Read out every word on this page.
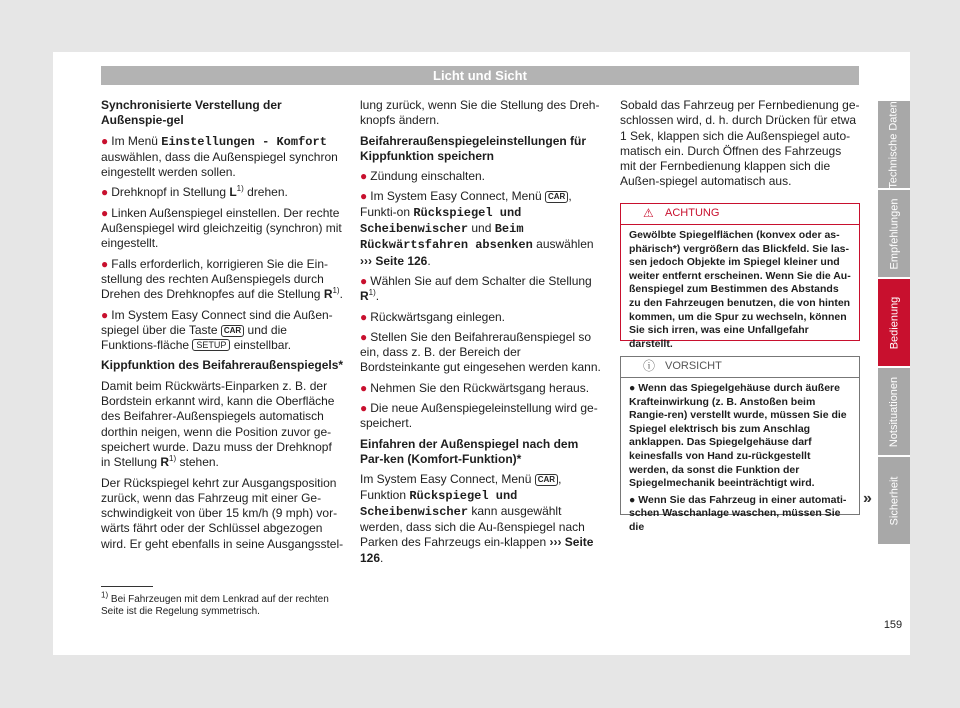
Licht und Sicht

Synchronisierte Verstellung der Außenspie-gel

● Im Menü Einstellungen - Komfort auswählen, dass die Außenspiegel synchron eingestellt werden sollen.

● Drehknopf in Stellung $L^{1)}$ drehen.

● Linken Außenspiegel einstellen. Der rechte Außenspiegel wird gleichzeitig (synchron) mit eingestellt.

● Falls erforderlich, korrigieren Sie die Ein-stellung des rechten Außenspiegels durch Drehen des Drehknopfes auf die Stellung $R^{1)}$.

● Im System Easy Connect sind die Außen-spiegel über die Taste CAR und die Funktions-fläche SETUP einstellbar.

Kippfunktion des Beifahreraußenspiegels*

Damit beim Rückwärts-Einparken z. B. der Bordstein erkannt wird, kann die Oberfläche des Beifahrer-Außenspiegels automatisch dorthin neigen, wenn die Position zuvor ge-speichert wurde. Dazu muss der Drehknopf in Stellung $R^{1)}$ stehen.

Der Rückspiegel kehrt zur Ausgangsposition zurück, wenn das Fahrzeug mit einer Ge-schwindigkeit von über 15 km/h (9 mph) vor-wärts fährt oder der Schlüssel abgezogen wird. Er geht ebenfalls in seine Ausgangsstel-

lung zurück, wenn Sie die Stellung des Dreh-knopfs ändern.

Beifahreraußenspiegeleinstellungen für Kippfunktion speichern

● Zündung einschalten.

● Im System Easy Connect, Menü CAR , Funkti-on Rückspiegel und Scheibenwischer und Beim Rückwärtsfahren absenken auswählen ››› Seite 126.

● Wählen Sie auf dem Schalter die Stellung $R^{1)}$.

● Rückwärtsgang einlegen.

● Stellen Sie den Beifahreraußenspiegel so ein, dass z. B. der Bereich der Bordsteinkante gut eingesehen werden kann.

● Nehmen Sie den Rückwärtsgang heraus.

● Die neue Außenspiegeleinstellung wird ge-speichert.

Einfahren der Außenspiegel nach dem Par-ken (Komfort-Funktion)*

Im System Easy Connect, Menü CAR , Funktion Rückspiegel und Scheibenwischer kann ausgewählt werden, dass sich die Au-ßenspiegel nach Parken des Fahrzeugs ein-klappen ››› Seite 126.

Sobald das Fahrzeug per Fernbedienung ge-schlossen wird, d. h. durch Drücken für etwa 1 Sek, klappen sich die Außenspiegel auto-matisch ein. Durch Öffnen des Fahrzeugs mit der Fernbedienung klappen sich die Außen-spiegel automatisch aus.

⚠ ACHTUNG

Gewölbte Spiegelflächen (konvex oder as-phärisch*) vergrößern das Blickfeld. Sie las-sen jedoch Objekte im Spiegel kleiner und weiter entfernt erscheinen. Wenn Sie die Au-ßenspiegel zum Bestimmen des Abstands zu den Fahrzeugen benutzen, die von hinten kommen, um die Spur zu wechseln, können Sie sich irren, was eine Unfallgefahr darstellt.

ⓘ VORSICHT

● Wenn das Spiegelgehäuse durch äußere Krafteinwirkung (z. B. Anstoßen beim Rangie-ren) verstellt wurde, müssen Sie die Spiegel elektrisch bis zum Anschlag anklappen. Das Spiegelgehäuse darf keinesfalls von Hand zu-rückgestellt werden, da sonst die Funktion der Spiegelmechanik beeinträchtigt wird.

● Wenn Sie das Fahrzeug in einer automati-schen Waschanlage waschen, müssen Sie die

»
Technische Daten
Empfehlungen
Bedienung
Notsituationen
Sicherheit
$^{1)}$ Bei Fahrzeugen mit dem Lenkrad auf der rechten Seite ist die Regelung symmetrisch.
159
